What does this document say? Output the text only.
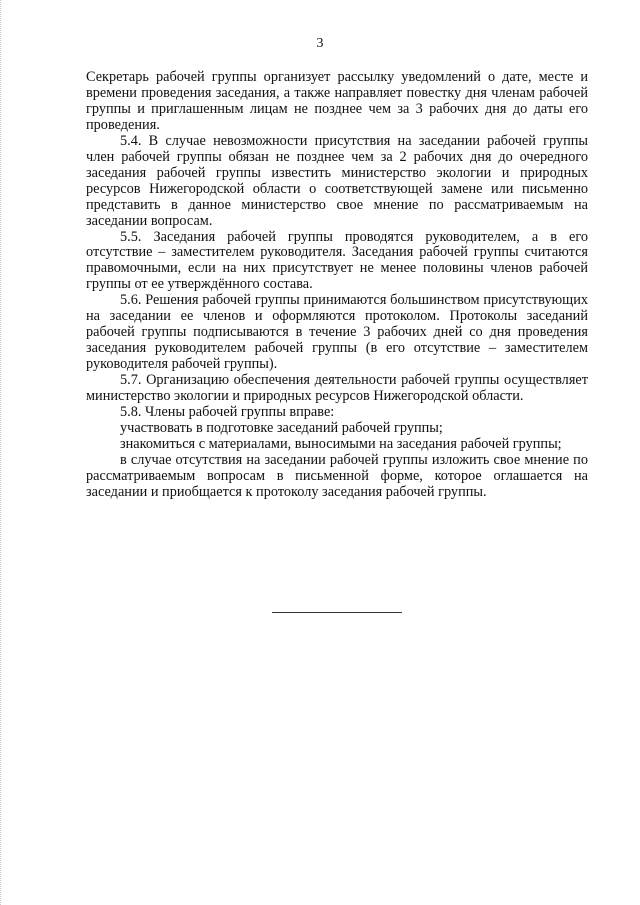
3

Секретарь рабочей группы организует рассылку уведомлений о дате, месте и времени проведения заседания, а также направляет повестку дня членам рабочей группы и приглашенным лицам не позднее чем за 3 рабочих дня до даты его проведения.

5.4. В случае невозможности присутствия на заседании рабочей группы член рабочей группы обязан не позднее чем за 2 рабочих дня до очередного заседания рабочей группы известить министерство экологии и природных ресурсов Нижегородской области о соответствующей замене или письменно представить в данное министерство свое мнение по рассматриваемым на заседании вопросам.

5.5. Заседания рабочей группы проводятся руководителем, а в его отсутствие – заместителем руководителя. Заседания рабочей группы считаются правомочными, если на них присутствует не менее половины членов рабочей группы от ее утверждённого состава.

5.6. Решения рабочей группы принимаются большинством присутствующих на заседании ее членов и оформляются протоколом. Протоколы заседаний рабочей группы подписываются в течение 3 рабочих дней со дня проведения заседания руководителем рабочей группы (в его отсутствие – заместителем руководителя рабочей группы).

5.7. Организацию обеспечения деятельности рабочей группы осуществляет министерство экологии и природных ресурсов Нижегородской области.

5.8. Члены рабочей группы вправе:

участвовать в подготовке заседаний рабочей группы;

знакомиться с материалами, выносимыми на заседания рабочей группы;

в случае отсутствия на заседании рабочей группы изложить свое мнение по рассматриваемым вопросам в письменной форме, которое оглашается на заседании и приобщается к протоколу заседания рабочей группы.
